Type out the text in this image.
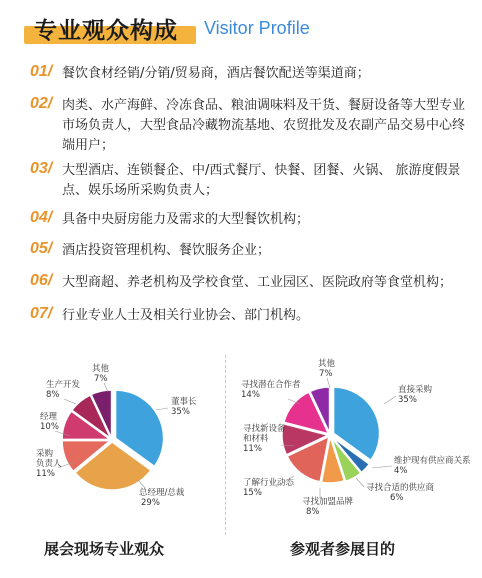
专业观众构成 Visitor Profile
01/ 餐饮食材经销/分销/贸易商，酒店餐饮配送等渠道商；
02/ 肉类、水产海鲜、冷冻食品、粮油调味料及干货、餐厨设备等大型专业市场负责人，大型食品冷藏物流基地、农贸批发及农副产品交易中心终端用户；
03/ 大型酒店、连锁餐企、中/西式餐厅、快餐、团餐、火锅、 旅游度假景点、娱乐场所采购负责人；
04/ 具备中央厨房能力及需求的大型餐饮机构；
05/ 酒店投资管理机构、餐饮服务企业；
06/ 大型商超、养老机构及学校食堂、工业园区、医院政府等食堂机构；
07/ 行业专业人士及相关行业协会、部门机构。
其他
7%
生产开发
8%
经理
10%
采购
负责人
11%
董事长
35%
总经理/总裁
29%
其他
7%
寻找潜在合作者
14%
寻找新设备
和材料
11%
了解行业动态
15%
寻找加盟品牌
8%
直接采购
35%
维护现有供应商关系
4%
寻找合适的供应商
6%
展会现场专业观众	参观者参展目的
